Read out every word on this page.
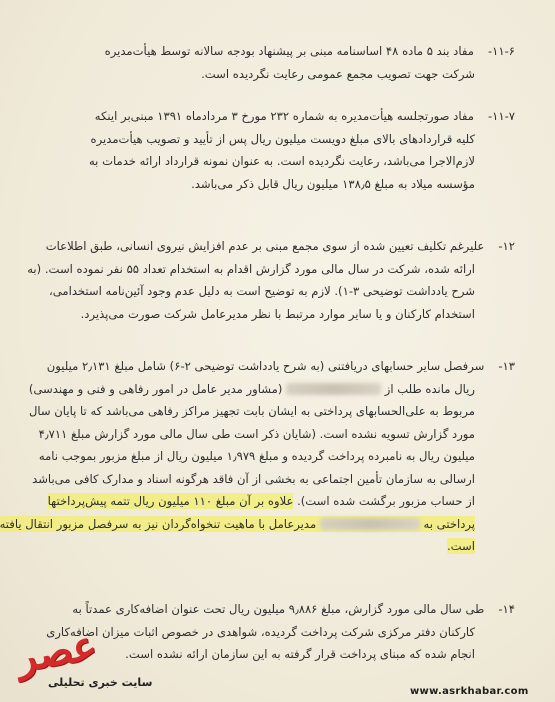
۱۱-۶-مفاد بند ۵ ماده ۴۸ اساسنامه مبنی بر پیشنهاد بودجه سالانه توسط هیأت‌مدیره
شرکت جهت تصویب مجمع عمومی رعایت نگردیده است.
۱۱-۷-مفاد صورتجلسه هیأت‌مدیره به شماره ۲۳۲ مورخ ۳ مردادماه ۱۳۹۱ مبنی‌بر اینکه
کلیه قراردادهای بالای مبلغ دویست میلیون ریال پس از تأیید و تصویب هیأت‌مدیره
لازم‌الاجرا می‌باشد، رعایت نگردیده است. به عنوان نمونه قرارداد ارائه خدمات به
مؤسسه میلاد به مبلغ ۱۳۸٫۵ میلیون ریال قابل ذکر می‌باشد.
۱۲-علیرغم تکلیف تعیین شده از سوی مجمع مبنی بر عدم افزایش نیروی انسانی، طبق اطلاعات
ارائه شده، شرکت در سال مالی مورد گزارش اقدام به استخدام تعداد ۵۵ نفر نموده است. (به
شرح یادداشت توضیحی ۳-۱). لازم به توضیح است به دلیل عدم وجود آئین‌نامه استخدامی،
استخدام کارکنان و یا سایر موارد مرتبط با نظر مدیرعامل شرکت صورت می‌پذیرد.
۱۳-سرفصل سایر حسابهای دریافتنی (به شرح یادداشت توضیحی ۲-۶) شامل مبلغ ۲٫۱۳۱ میلیون
ریال مانده طلب از  (مشاور مدیر عامل در امور رفاهی و فنی و مهندسی)
مربوط به علی‌الحسابهای پرداختی به ایشان بابت تجهیز مراکز رفاهی می‌باشد که تا پایان سال
مورد گزارش تسویه نشده است. (شایان ذکر است طی سال مالی مورد گزارش مبلغ ۴٫۷۱۱
میلیون ریال به نامبرده پرداخت گردیده و مبلغ ۱٫۹۷۹ میلیون ریال از مبلغ مزبور بموجب نامه
ارسالی به سازمان تأمین اجتماعی به بخشی از آن فاقد هرگونه اسناد و مدارک کافی می‌باشد
از حساب مزبور برگشت شده است). علاوه بر آن مبلغ ۱۱۰ میلیون ریال تتمه پیش‌پرداختها
پرداختی به  مدیرعامل با ماهیت تنخواه‌گردان نیز به سرفصل مزبور انتقال یافته
است.
۱۴-طی سال مالی مورد گزارش، مبلغ ۹٫۸۸۶ میلیون ریال تحت عنوان اضافه‌کاری عمدتاً به
کارکنان دفتر مرکزی شرکت پرداخت گردیده، شواهدی در خصوص اثبات میزان اضافه‌کاری
انجام شده که مبنای پرداخت قرار گرفته به این سازمان ارائه نشده است.
عصر
سایت خبری تحلیلی
www.asrkhabar.com
